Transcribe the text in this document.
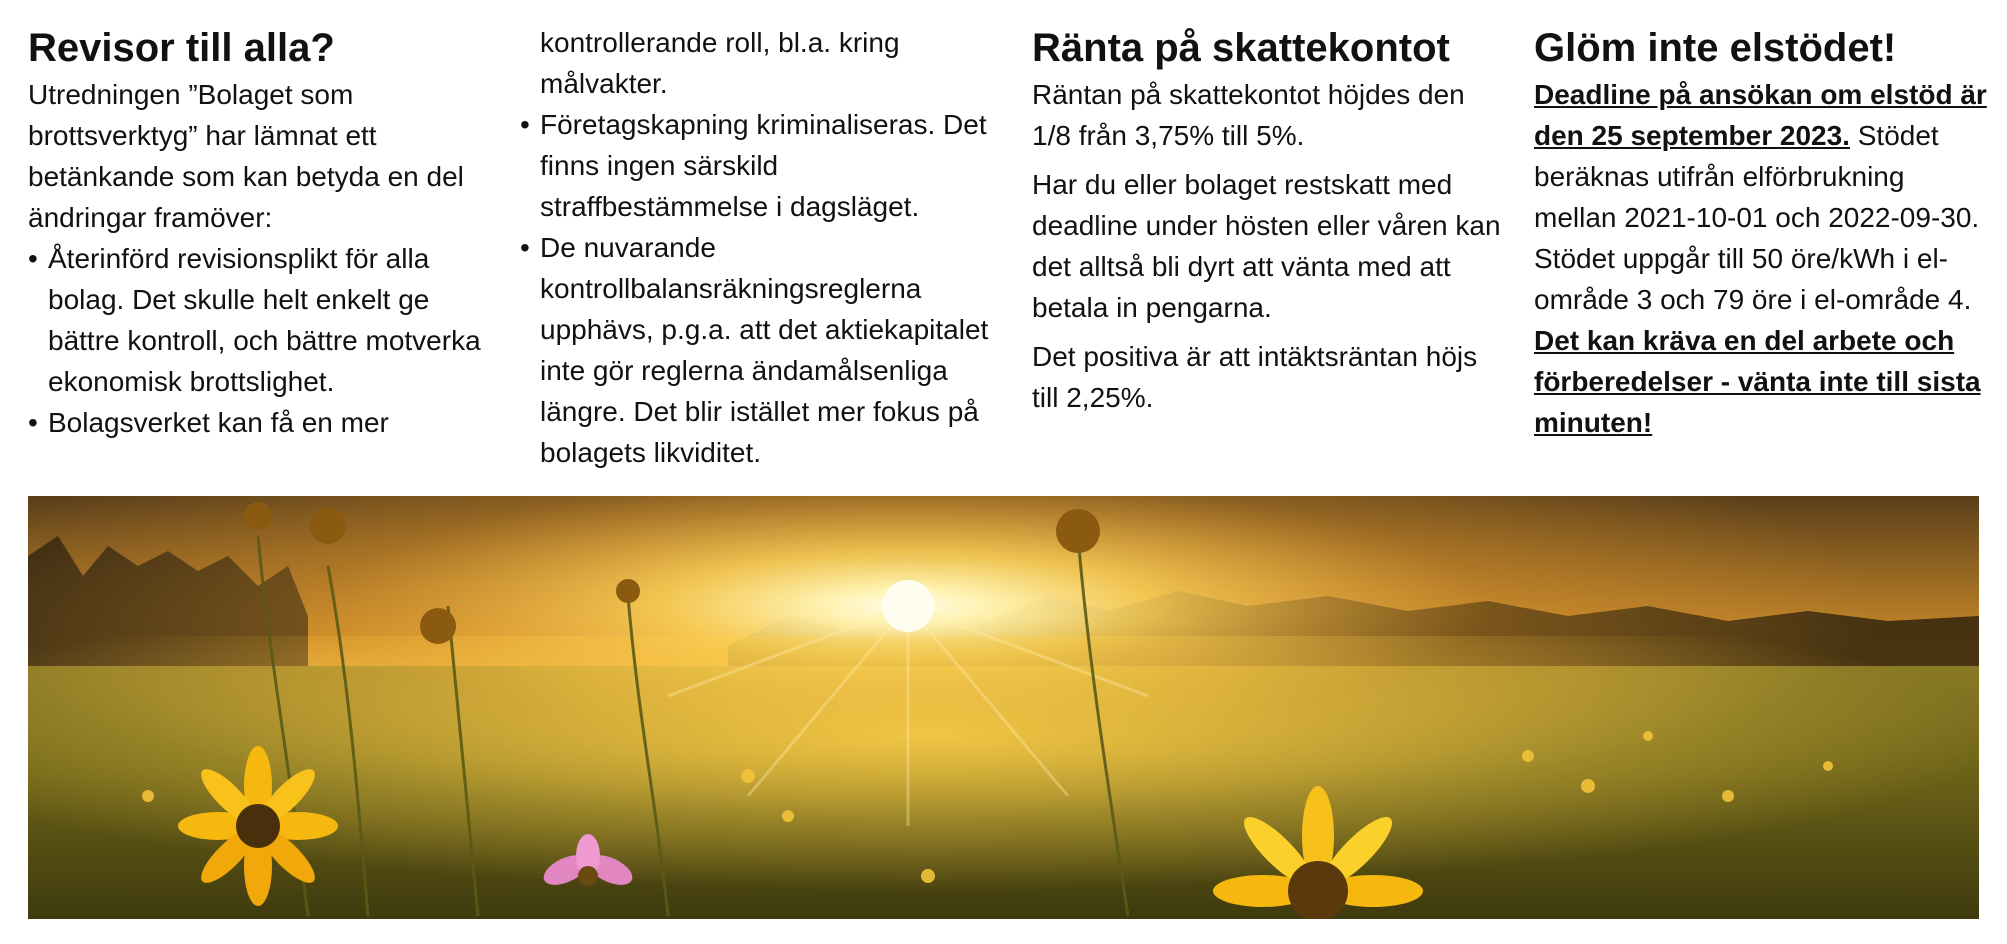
Revisor till alla?

Utredningen ”Bolaget som brottsverktyg” har lämnat ett betänkande som kan betyda en del ändringar framöver:

• Återinförd revisionsplikt för alla bolag. Det skulle helt enkelt ge bättre kontroll, och bättre motverka ekonomisk brottslighet.
• Bolagsverket kan få en mer
kontrollerande roll, bl.a. kring målvakter.
• Företagskapning kriminaliseras. Det finns ingen särskild straffbestämmelse i dagsläget.
• De nuvarande kontrollbalansräkningsreglerna upphävs, p.g.a. att det aktiekapitalet inte gör reglerna ändamålsenliga längre. Det blir istället mer fokus på bolagets likviditet.
Ränta på skattekontot

Räntan på skattekontot höjdes den 1/8 från 3,75% till 5%.

Har du eller bolaget restskatt med deadline under hösten eller våren kan det alltså bli dyrt att vänta med att betala in pengarna.

Det positiva är att intäktsräntan höjs till 2,25%.

Glöm inte elstödet!

Deadline på ansökan om elstöd är den 25 september 2023. Stödet beräknas utifrån elförbrukning mellan 2021-10-01 och 2022-09-30. Stödet uppgår till 50 öre/kWh i el-område 3 och 79 öre i el-område 4. Det kan kräva en del arbete och förberedelser - vänta inte till sista minuten!
